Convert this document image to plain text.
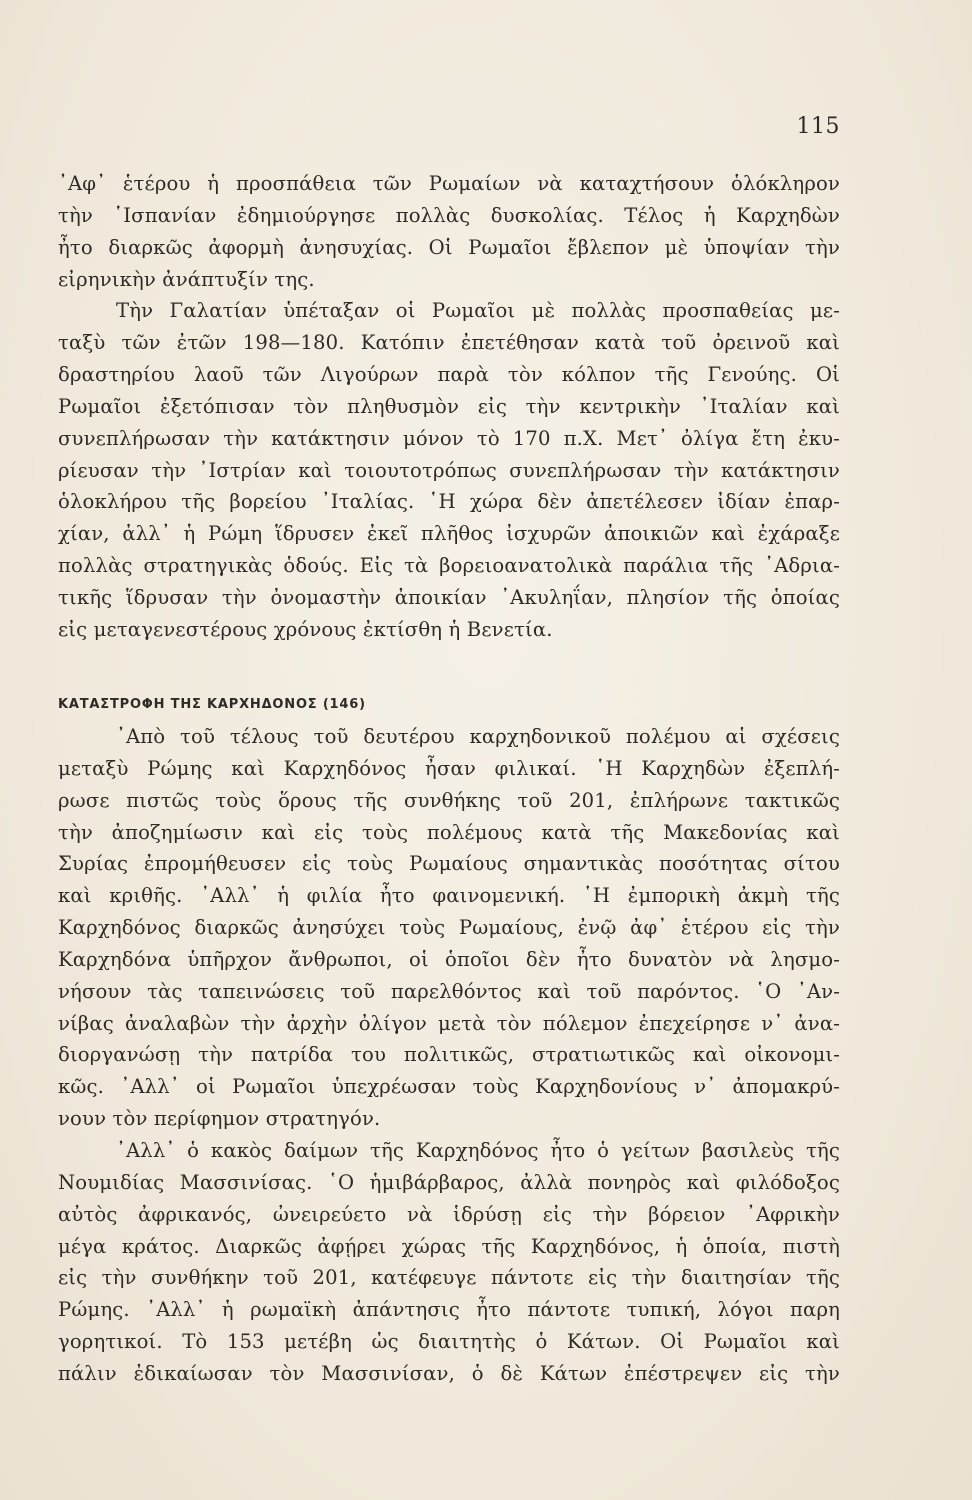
115
᾿Αφ᾿ ἑτέρου ἡ προσπάθεια τῶν Ρωμαίων νὰ καταχτήσουν ὁλόκληρον
τὴν ῾Ισπανίαν ἐδημιούργησε πολλὰς δυσκολίας. Τέλος ἡ Καρχηδὼν
ἦτο διαρκῶς ἀφορμὴ ἀνησυχίας. Οἱ Ρωμαῖοι ἔβλεπον μὲ ὑποψίαν τὴν
εἰρηνικὴν ἀνάπτυξίν της.
Τὴν Γαλατίαν ὑπέταξαν οἱ Ρωμαῖοι μὲ πολλὰς προσπαθείας με-
ταξὺ τῶν ἐτῶν 198—180. Κατόπιν ἐπετέθησαν κατὰ τοῦ ὀρεινοῦ καὶ
δραστηρίου λαοῦ τῶν Λιγούρων παρὰ τὸν κόλπον τῆς Γενούης. Οἱ
Ρωμαῖοι ἐξετόπισαν τὸν πληθυσμὸν εἰς τὴν κεντρικὴν ᾿Ιταλίαν καὶ
συνεπλήρωσαν τὴν κατάκτησιν μόνον τὸ 170 π.Χ. Μετ᾿ ὀλίγα ἔτη ἐκυ-
ρίευσαν τὴν ᾿Ιστρίαν καὶ τοιουτοτρόπως συνεπλήρωσαν τὴν κατάκτησιν
ὁλοκλήρου τῆς βορείου ᾿Ιταλίας. ῾Η χώρα δὲν ἀπετέλεσεν ἰδίαν ἐπαρ-
χίαν, ἀλλ᾿ ἡ Ρώμη ἵδρυσεν ἐκεῖ πλῆθος ἰσχυρῶν ἀποικιῶν καὶ ἐχάραξε
πολλὰς στρατηγικὰς ὁδούς. Εἰς τὰ βορειοανατολικὰ παράλια τῆς ᾿Αδρια-
τικῆς ἵδρυσαν τὴν ὀνομαστὴν ἀποικίαν ᾿Ακυληΐαν, πλησίον τῆς ὁποίας
εἰς μεταγενεστέρους χρόνους ἐκτίσθη ἡ Βενετία.
ΚΑΤΑΣΤΡΟΦΗ ΤΗΣ ΚΑΡΧΗΔΟΝΟΣ (146)
᾿Απὸ τοῦ τέλους τοῦ δευτέρου καρχηδονικοῦ πολέμου αἱ σχέσεις
μεταξὺ Ρώμης καὶ Καρχηδόνος ἦσαν φιλικαί. ῾Η Καρχηδὼν ἐξεπλή-
ρωσε πιστῶς τοὺς ὅρους τῆς συνθήκης τοῦ 201, ἐπλήρωνε τακτικῶς
τὴν ἀποζημίωσιν καὶ εἰς τοὺς πολέμους κατὰ τῆς Μακεδονίας καὶ
Συρίας ἐπρομήθευσεν εἰς τοὺς Ρωμαίους σημαντικὰς ποσότητας σίτου
καὶ κριθῆς. ᾿Αλλ᾿ ἡ φιλία ἦτο φαινομενική. ῾Η ἐμπορικὴ ἀκμὴ τῆς
Καρχηδόνος διαρκῶς ἀνησύχει τοὺς Ρωμαίους, ἐνῷ ἀφ᾿ ἑτέρου εἰς τὴν
Καρχηδόνα ὑπῆρχον ἄνθρωποι, οἱ ὁποῖοι δὲν ἦτο δυνατὸν νὰ λησμο-
νήσουν τὰς ταπεινώσεις τοῦ παρελθόντος καὶ τοῦ παρόντος. ῾Ο ᾿Αν-
νίβας ἀναλαβὼν τὴν ἀρχὴν ὀλίγον μετὰ τὸν πόλεμον ἐπεχείρησε ν᾿ ἀνα-
διοργανώσῃ τὴν πατρίδα του πολιτικῶς, στρατιωτικῶς καὶ οἰκονομι-
κῶς. ᾿Αλλ᾿ οἱ Ρωμαῖοι ὑπεχρέωσαν τοὺς Καρχηδονίους ν᾿ ἀπομακρύ-
νουν τὸν περίφημον στρατηγόν.
᾿Αλλ᾿ ὁ κακὸς δαίμων τῆς Καρχηδόνος ἦτο ὁ γείτων βασιλεὺς τῆς
Νουμιδίας Μασσινίσας. ῾Ο ἡμιβάρβαρος, ἀλλὰ πονηρὸς καὶ φιλόδοξος
αὐτὸς ἀφρικανός, ὠνειρεύετο νὰ ἱδρύσῃ εἰς τὴν βόρειον ᾿Αφρικὴν
μέγα κράτος. Διαρκῶς ἀφῄρει χώρας τῆς Καρχηδόνος, ἡ ὁποία, πιστὴ
εἰς τὴν συνθήκην τοῦ 201, κατέφευγε πάντοτε εἰς τὴν διαιτησίαν τῆς
Ρώμης. ᾿Αλλ᾿ ἡ ρωμαϊκὴ ἀπάντησις ἦτο πάντοτε τυπική, λόγοι παρη
γορητικοί. Τὸ 153 μετέβη ὡς διαιτητὴς ὁ Κάτων. Οἱ Ρωμαῖοι καὶ
πάλιν ἐδικαίωσαν τὸν Μασσινίσαν, ὁ δὲ Κάτων ἐπέστρεψεν εἰς τὴν
